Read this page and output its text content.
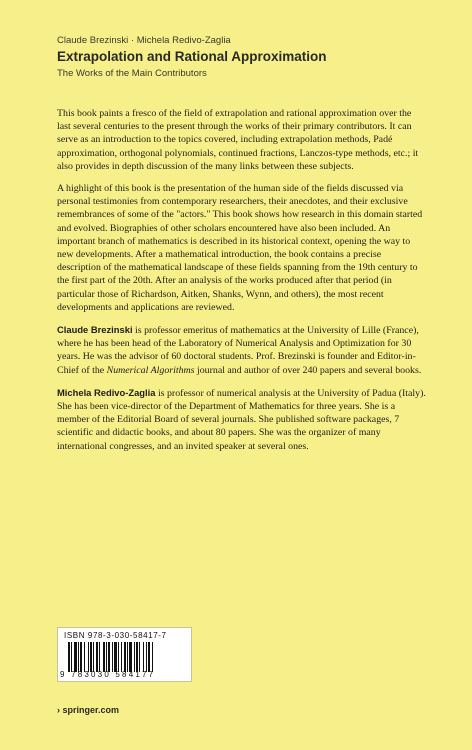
Claude Brezinski · Michela Redivo-Zaglia
Extrapolation and Rational Approximation
The Works of the Main Contributors

This book paints a fresco of the field of extrapolation and rational approximation over the last several centuries to the present through the works of their primary contributors. It can serve as an introduction to the topics covered, including extrapolation methods, Padé approximation, orthogonal polynomials, continued fractions, Lanczos-type methods, etc.; it also provides in depth discussion of the many links between these subjects.

A highlight of this book is the presentation of the human side of the fields discussed via personal testimonies from contemporary researchers, their anecdotes, and their exclusive remembrances of some of the "actors." This book shows how research in this domain started and evolved. Biographies of other scholars encountered have also been included. An important branch of mathematics is described in its historical context, opening the way to new developments. After a mathematical introduction, the book contains a precise description of the mathematical landscape of these fields spanning from the 19th century to the first part of the 20th. After an analysis of the works produced after that period (in particular those of Richardson, Aitken, Shanks, Wynn, and others), the most recent developments and applications are reviewed.

Claude Brezinski is professor emeritus of mathematics at the University of Lille (France), where he has been head of the Laboratory of Numerical Analysis and Optimization for 30 years. He was the advisor of 60 doctoral students. Prof. Brezinski is founder and Editor-in-Chief of the Numerical Algorithms journal and author of over 240 papers and several books.

Michela Redivo-Zaglia is professor of numerical analysis at the University of Padua (Italy). She has been vice-director of the Department of Mathematics for three years. She is a member of the Editorial Board of several journals. She published software packages, 7 scientific and didactic books, and about 80 papers. She was the organizer of many international congresses, and an invited speaker at several ones.

ISBN 978-3-030-58417-7
9 783030 584177
› springer.com
